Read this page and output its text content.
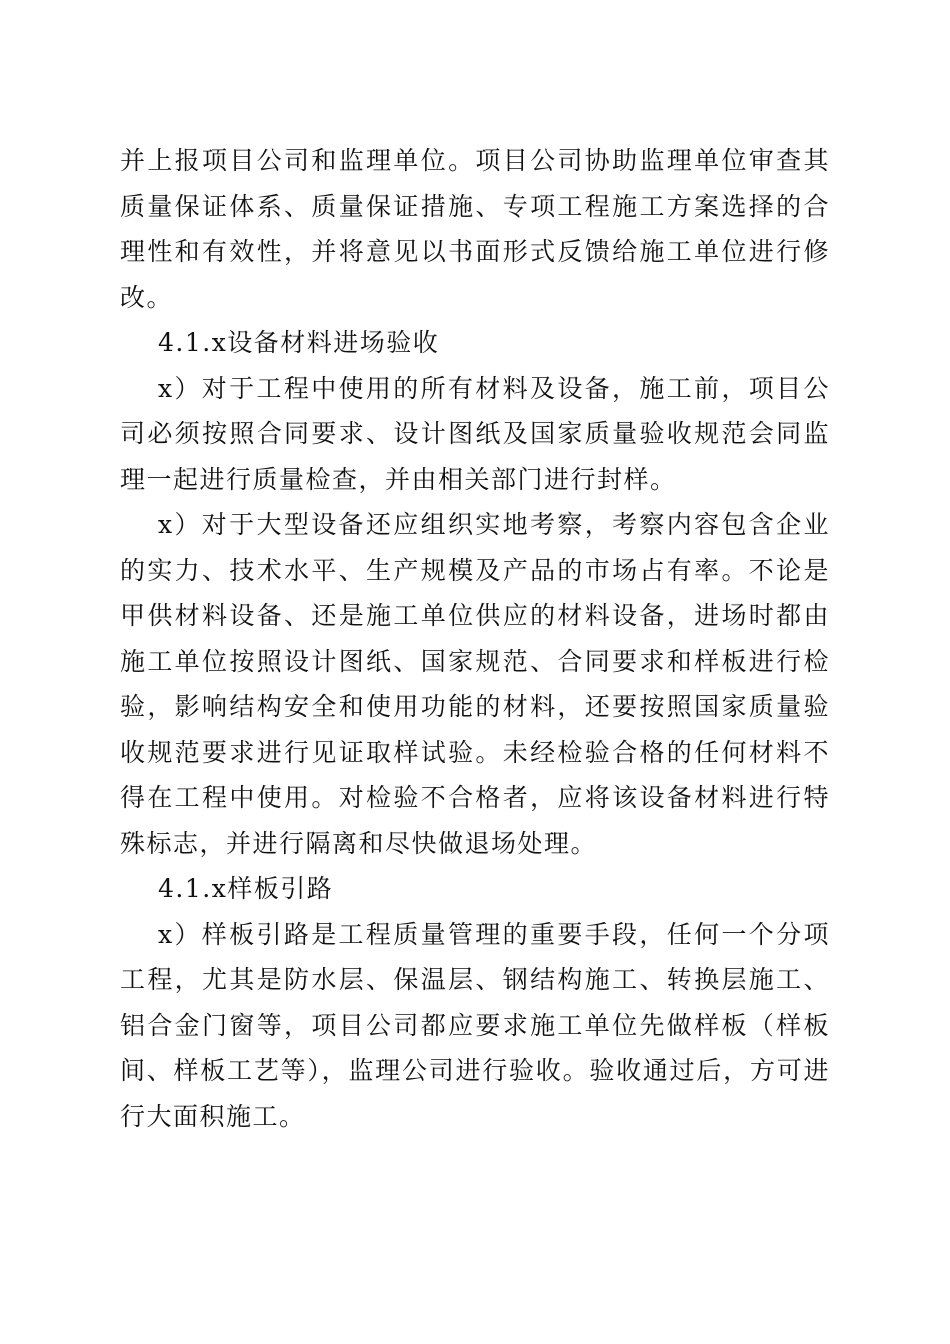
并上报项目公司和监理单位。项目公司协助监理单位审查其质量保证体系、质量保证措施、专项工程施工方案选择的合理性和有效性，并将意见以书面形式反馈给施工单位进行修改。

4.1.x设备材料进场验收

x）对于工程中使用的所有材料及设备，施工前，项目公司必须按照合同要求、设计图纸及国家质量验收规范会同监理一起进行质量检查，并由相关部门进行封样。

x）对于大型设备还应组织实地考察，考察内容包含企业的实力、技术水平、生产规模及产品的市场占有率。不论是甲供材料设备、还是施工单位供应的材料设备，进场时都由施工单位按照设计图纸、国家规范、合同要求和样板进行检验，影响结构安全和使用功能的材料，还要按照国家质量验收规范要求进行见证取样试验。未经检验合格的任何材料不得在工程中使用。对检验不合格者，应将该设备材料进行特殊标志，并进行隔离和尽快做退场处理。

4.1.x样板引路

x）样板引路是工程质量管理的重要手段，任何一个分项工程，尤其是防水层、保温层、钢结构施工、转换层施工、铝合金门窗等，项目公司都应要求施工单位先做样板（样板间、样板工艺等），监理公司进行验收。验收通过后，方可进行大面积施工。
